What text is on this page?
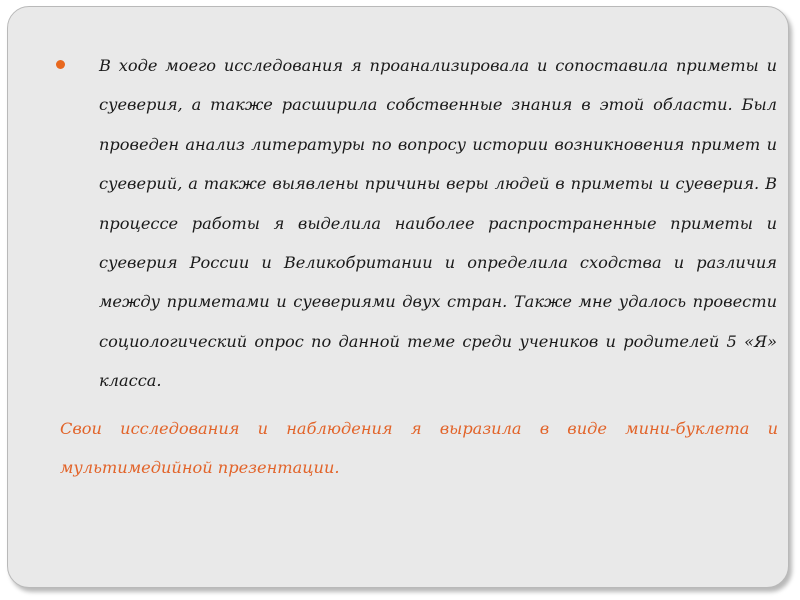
В ходе моего исследования я проанализировала и сопоставила приметы и суеверия, а также расширила собственные знания в этой области. Был проведен анализ литературы по вопросу истории возникновения примет и суеверий, а также выявлены причины веры людей в приметы и суеверия. В процессе работы я выделила наиболее распространенные приметы и суеверия России и Великобритании и определила сходства и различия между приметами и суевериями двух стран. Также мне удалось провести социологический опрос по данной теме среди учеников и родителей 5 «Я» класса.

Свои исследования и наблюдения я выразила в виде мини-буклета и мультимедийной презентации.
